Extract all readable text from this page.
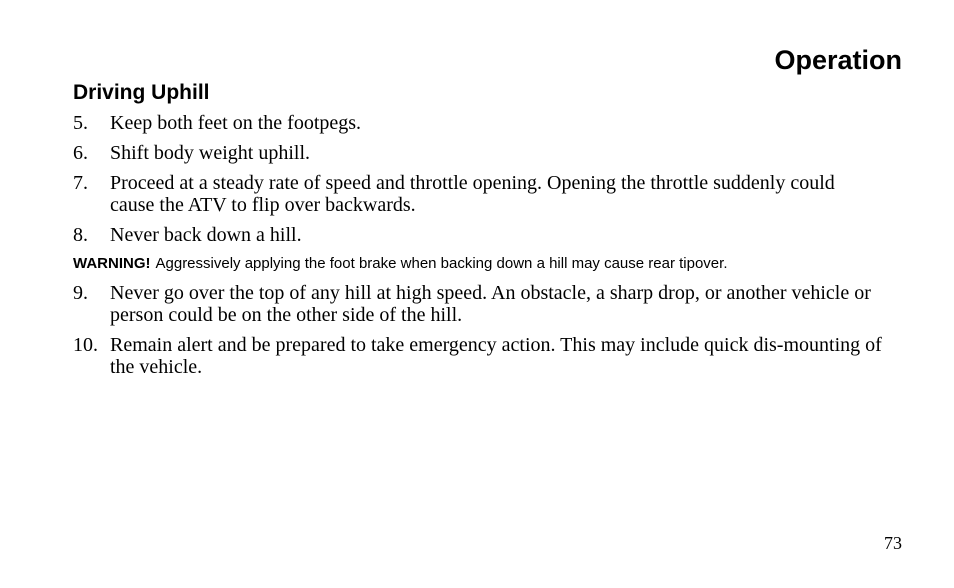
Operation
Driving Uphill
5.	Keep both feet on the footpegs.
6.	Shift body weight uphill.
7.	Proceed at a steady rate of speed and throttle opening. Opening the throttle suddenly could cause the ATV to flip over backwards.
8.	Never back down a hill.
WARNING! Aggressively applying the foot brake when backing down a hill may cause rear tipover.
9.	Never go over the top of any hill at high speed. An obstacle, a sharp drop, or another vehicle or person could be on the other side of the hill.
10. Remain alert and be prepared to take emergency action. This may include quick dis-mounting of the vehicle.
73
